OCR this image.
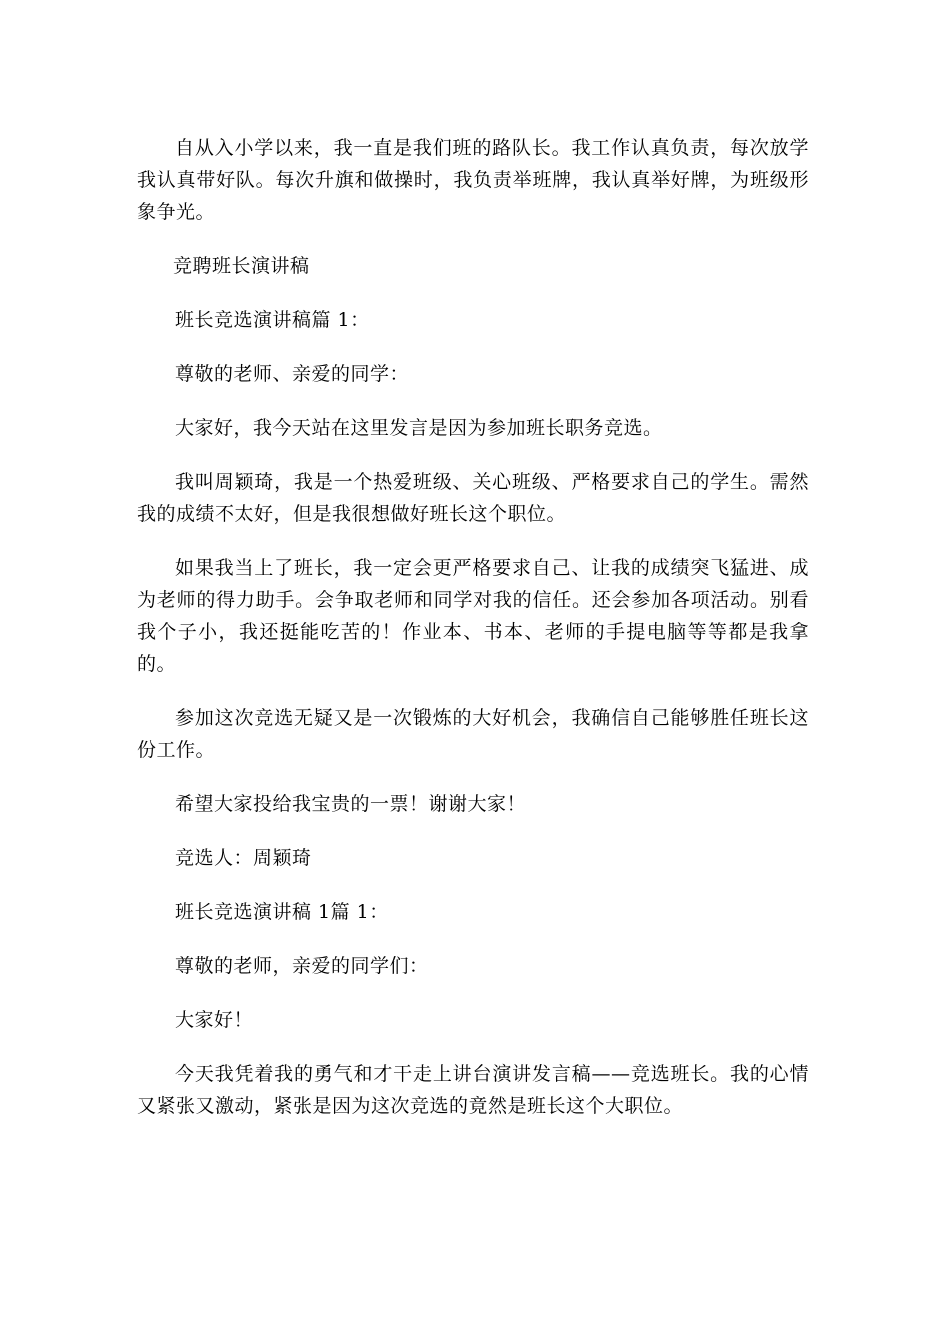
自从入小学以来，我一直是我们班的路队长。我工作认真负责，每次放学我认真带好队。每次升旗和做操时，我负责举班牌，我认真举好牌，为班级形象争光。

竞聘班长演讲稿

班长竞选演讲稿篇 1：

尊敬的老师、亲爱的同学：

大家好，我今天站在这里发言是因为参加班长职务竞选。

我叫周颖琦，我是一个热爱班级、关心班级、严格要求自己的学生。需然我的成绩不太好，但是我很想做好班长这个职位。

如果我当上了班长，我一定会更严格要求自己、让我的成绩突飞猛进、成为老师的得力助手。会争取老师和同学对我的信任。还会参加各项活动。别看我个子小，我还挺能吃苦的！作业本、书本、老师的手提电脑等等都是我拿的。

参加这次竞选无疑又是一次锻炼的大好机会，我确信自己能够胜任班长这份工作。

希望大家投给我宝贵的一票！谢谢大家！

竞选人：周颖琦

班长竞选演讲稿 1篇 1：

尊敬的老师，亲爱的同学们：

大家好！

今天我凭着我的勇气和才干走上讲台演讲发言稿——竞选班长。我的心情又紧张又激动，紧张是因为这次竞选的竟然是班长这个大职位。
